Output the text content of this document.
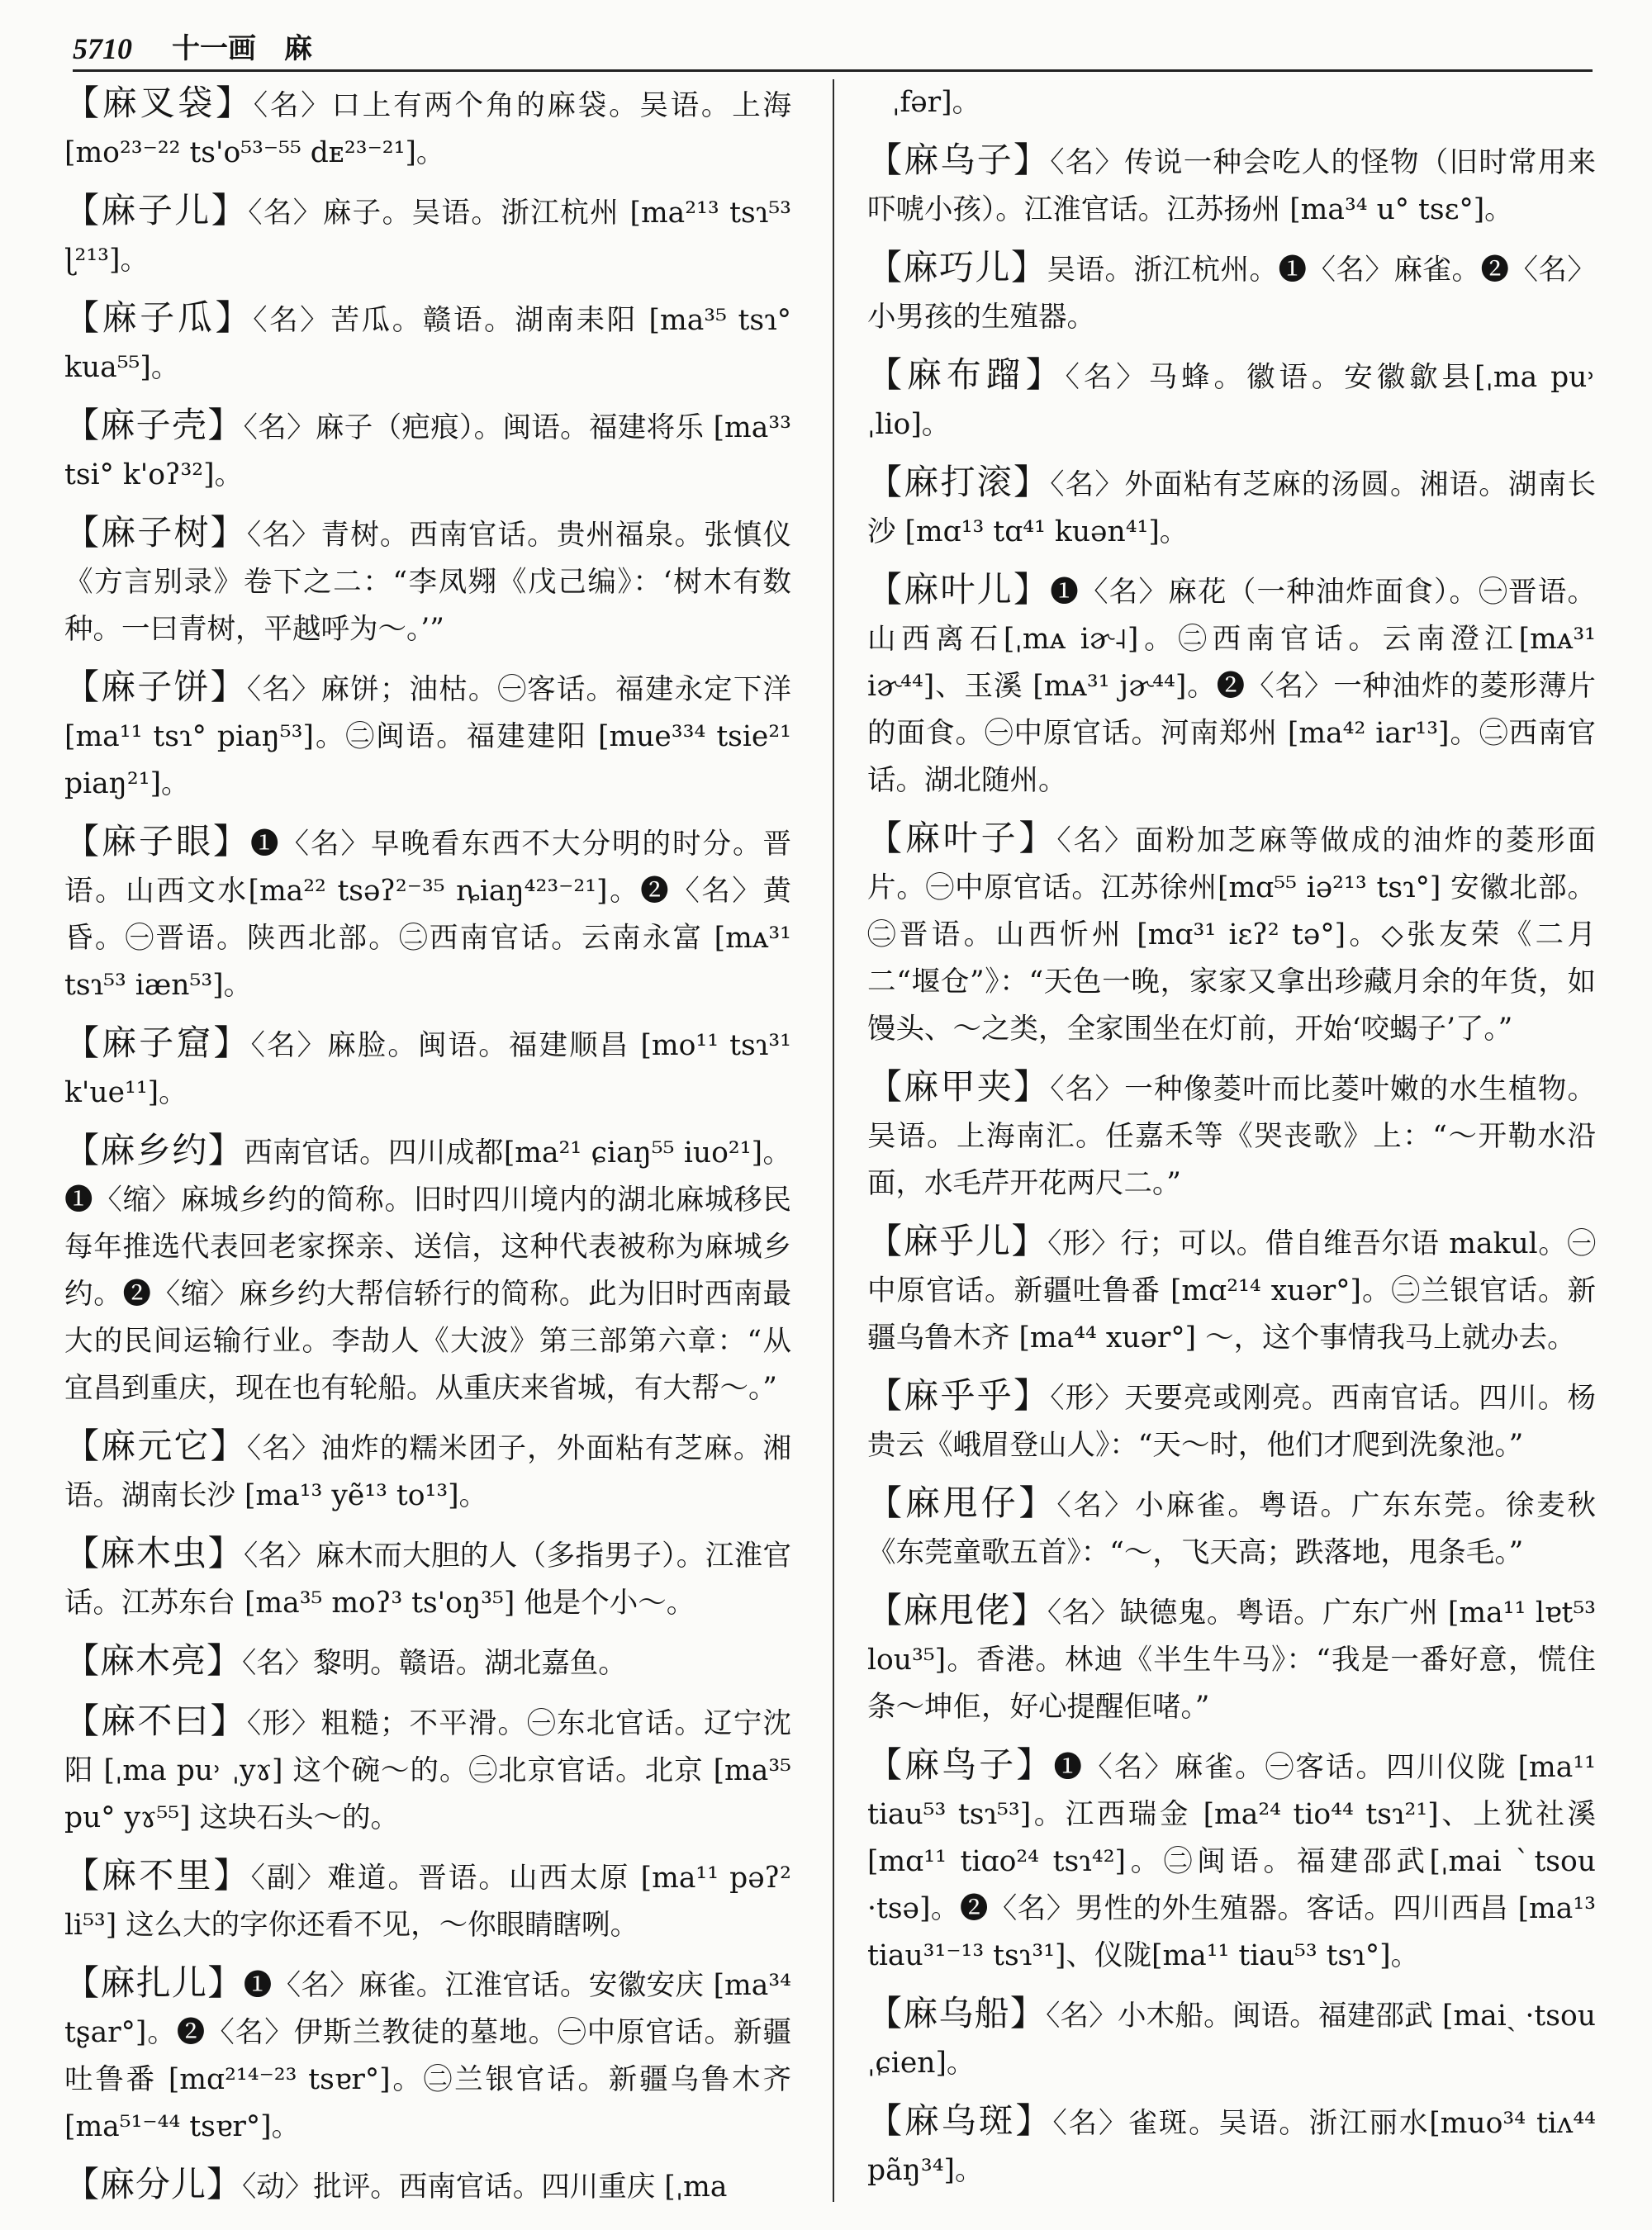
5710 十一画　麻
【麻叉袋】〈名〉口上有两个角的麻袋。吴语。上海 [mo²³⁻²² ts'o⁵³⁻⁵⁵ dᴇ²³⁻²¹]。
【麻子儿】〈名〉麻子。吴语。浙江杭州 [ma²¹³ tsɿ⁵³ ɭ²¹³]。
【麻子瓜】〈名〉苦瓜。赣语。湖南耒阳 [ma³⁵ tsɿ° kua⁵⁵]。
【麻子壳】〈名〉麻子（疤痕）。闽语。福建将乐 [ma³³ tsi° k'oʔ³²]。
【麻子树】〈名〉青树。西南官话。贵州福泉。张慎仪《方言别录》卷下之二：“李凤翙《戊己编》：‘树木有数种。一曰青树，平越呼为～。’”
【麻子饼】〈名〉麻饼；油枯。㊀客话。福建永定下洋 [ma¹¹ tsɿ° piaŋ⁵³]。㊁闽语。福建建阳 [mue³³⁴ tsie²¹ piaŋ²¹]。
【麻子眼】❶〈名〉早晚看东西不大分明的时分。晋语。山西文水[ma²² tsəʔ²⁻³⁵ ȵiaŋ⁴²³⁻²¹]。❷〈名〉黄昏。㊀晋语。陕西北部。㊁西南官话。云南永富 [mᴀ³¹ tsɿ⁵³ iæn⁵³]。
【麻子窟】〈名〉麻脸。闽语。福建顺昌 [mo¹¹ tsɿ³¹ k'ue¹¹]。
【麻乡约】西南官话。四川成都[ma²¹ ɕiaŋ⁵⁵ iuo²¹]。❶〈缩〉麻城乡约的简称。旧时四川境内的湖北麻城移民每年推选代表回老家探亲、送信，这种代表被称为麻城乡约。❷〈缩〉麻乡约大帮信轿行的简称。此为旧时西南最大的民间运输行业。李劼人《大波》第三部第六章：“从宜昌到重庆，现在也有轮船。从重庆来省城，有大帮～。”
【麻元它】〈名〉油炸的糯米团子，外面粘有芝麻。湘语。湖南长沙 [ma¹³ yẽ¹³ to¹³]。
【麻木虫】〈名〉麻木而大胆的人（多指男子）。江淮官话。江苏东台 [ma³⁵ moʔ³ ts'oŋ³⁵] 他是个小～。
【麻木亮】〈名〉黎明。赣语。湖北嘉鱼。
【麻不曰】〈形〉粗糙；不平滑。㊀东北官话。辽宁沈阳 [ˌma pu˒ ˌyɤ] 这个碗～的。㊁北京官话。北京 [ma³⁵ pu° yɤ⁵⁵] 这块石头～的。
【麻不里】〈副〉难道。晋语。山西太原 [ma¹¹ pəʔ² li⁵³] 这么大的字你还看不见，～你眼睛瞎咧。
【麻扎儿】❶〈名〉麻雀。江淮官话。安徽安庆 [ma³⁴ tʂar°]。❷〈名〉伊斯兰教徒的墓地。㊀中原官话。新疆吐鲁番 [mɑ²¹⁴⁻²³ tsɐr°]。㊁兰银官话。新疆乌鲁木齐 [ma⁵¹⁻⁴⁴ tsɐr°]。
【麻分儿】〈动〉批评。西南官话。四川重庆 [ˌma
ˌfər]。
【麻乌子】〈名〉传说一种会吃人的怪物（旧时常用来吓唬小孩）。江淮官话。江苏扬州 [ma³⁴ u° tsɛ°]。
【麻巧儿】吴语。浙江杭州。❶〈名〉麻雀。❷〈名〉小男孩的生殖器。
【麻布蹓】〈名〉马蜂。徽语。安徽歙县[ˌma pu˒ ˌlio]。
【麻打滚】〈名〉外面粘有芝麻的汤圆。湘语。湖南长沙 [mɑ¹³ tɑ⁴¹ kuən⁴¹]。
【麻叶儿】❶〈名〉麻花（一种油炸面食）。㊀晋语。山西离石[ˌmᴀ iɚ˨]。㊁西南官话。云南澄江[mᴀ³¹ iɚ⁴⁴]、玉溪 [mᴀ³¹ jɚ⁴⁴]。❷〈名〉一种油炸的菱形薄片的面食。㊀中原官话。河南郑州 [ma⁴² iar¹³]。㊁西南官话。湖北随州。
【麻叶子】〈名〉面粉加芝麻等做成的油炸的菱形面片。㊀中原官话。江苏徐州[mɑ⁵⁵ iə²¹³ tsɿ°] 安徽北部。㊁晋语。山西忻州 [mɑ³¹ iɛʔ² tə°]。◇张友荣《二月二“堰仓”》：“天色一晚，家家又拿出珍藏月余的年货，如馒头、～之类，全家围坐在灯前，开始‘咬蝎子’了。”
【麻甲夹】〈名〉一种像菱叶而比菱叶嫩的水生植物。吴语。上海南汇。任嘉禾等《哭丧歌》上：“～开勒水沿面，水毛芹开花两尺二。”
【麻乎儿】〈形〉行；可以。借自维吾尔语 makul。㊀中原官话。新疆吐鲁番 [mɑ²¹⁴ xuər°]。㊁兰银官话。新疆乌鲁木齐 [ma⁴⁴ xuər°] ～，这个事情我马上就办去。
【麻乎乎】〈形〉天要亮或刚亮。西南官话。四川。杨贵云《峨眉登山人》：“天～时，他们才爬到洗象池。”
【麻甩仔】〈名〉小麻雀。粤语。广东东莞。徐麦秋《东莞童歌五首》：“～，飞天高；跌落地，甩条毛。”
【麻甩佬】〈名〉缺德鬼。粤语。广东广州 [ma¹¹ lɐt⁵³ lou³⁵]。香港。林迪《半生牛马》：“我是一番好意，慌住条～坤佢，好心提醒佢啫。”
【麻鸟子】❶〈名〉麻雀。㊀客话。四川仪陇 [ma¹¹ tiau⁵³ tsɿ⁵³]。江西瑞金 [ma²⁴ tio⁴⁴ tsɿ²¹]、上犹社溪 [mɑ¹¹ tiɑo²⁴ tsɿ⁴²]。㊁闽语。福建邵武[ˌmai ˋtsou ·tsə]。❷〈名〉男性的外生殖器。客话。四川西昌 [ma¹³ tiau³¹⁻¹³ tsɿ³¹]、仪陇[ma¹¹ tiau⁵³ tsɿ°]。
【麻乌船】〈名〉小木船。闽语。福建邵武 [maiˏ ·tsou ˌɕien]。
【麻乌斑】〈名〉雀斑。吴语。浙江丽水[muo³⁴ tiʌ⁴⁴ pãŋ³⁴]。
